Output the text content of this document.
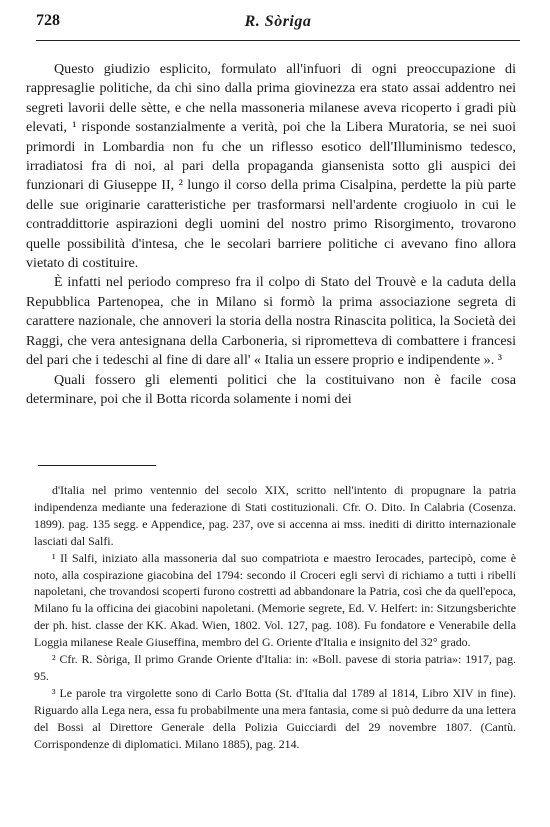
728	R. Sòriga

Questo giudizio esplicito, formulato all'infuori di ogni preoccupazione di rappresaglie politiche, da chi sino dalla prima giovinezza era stato assai addentro nei segreti lavorii delle sètte, e che nella massoneria milanese aveva ricoperto i gradi più elevati, ¹ risponde sostanzialmente a verità, poi che la Libera Muratoria, se nei suoi primordi in Lombardia non fu che un riflesso esotico dell'Illuminismo tedesco, irradiatosi fra di noi, al pari della propaganda giansenista sotto gli auspici dei funzionari di Giuseppe II, ² lungo il corso della prima Cisalpina, perdette la più parte delle sue originarie caratteristiche per trasformarsi nell'ardente crogiuolo in cui le contraddittorie aspirazioni degli uomini del nostro primo Risorgimento, trovarono quelle possibilità d'intesa, che le secolari barriere politiche ci avevano fino allora vietato di costituire.

È infatti nel periodo compreso fra il colpo di Stato del Trouvè e la caduta della Repubblica Partenopea, che in Milano si formò la prima associazione segreta di carattere nazionale, che annoveri la storia della nostra Rinascita politica, la Società dei Raggi, che vera antesignana della Carboneria, si ripromettevа di combattere i francesi del pari che i tedeschi al fine di dare all' « Italia un essere proprio e indipendente ». ³

Quali fossero gli elementi politici che la costituivano non è facile cosa determinare, poi che il Botta ricorda solamente i nomi dei

d'Italia nel primo ventennio del secolo XIX, scritto nell'intento di propugnare la patria indipendenza mediante una federazione di Stati costituzionali. Cfr. O. Dito. In Calabria (Cosenza. 1899). pag. 135 segg. e Appendice, pag. 237, ove si accenna ai mss. inediti di diritto internazionale lasciati dal Salfi.

¹ Il Salfi, iniziato alla massoneria dal suo compatriota e maestro Ierocades, partecipò, come è noto, alla cospirazione giacobina del 1794: secondo il Croceri egli servì di richiamo a tutti i ribelli napoletani, che trovandosi scoperti furono costretti ad abbandonare la Patria, così che da quell'epoca, Milano fu la officina dei giacobini napoletani. (Memorie segrete, Ed. V. Helfert: in: Sitzungsberichte der ph. hist. classe der KK. Akad. Wien, 1802. Vol. 127, pag. 108). Fu fondatore e Venerabile della Loggia milanese Reale Giuseffina, membro del G. Oriente d'Italia e insignito del 32° grado.

² Cfr. R. Sòriga, Il primo Grande Oriente d'Italia: in: «Boll. pavese di storia patria»: 1917, pag. 95.

³ Le parole tra virgolette sono di Carlo Botta (St. d'Italia dal 1789 al 1814, Libro XIV in fine). Riguardo alla Lega nera, essa fu probabilmente una mera fantasia, come si può dedurre da una lettera del Bossi al Direttore Generale della Polizia Guicciardi del 29 novembre 1807. (Cantù. Corrispondenze di diplomatici. Milano 1885), pag. 214.
